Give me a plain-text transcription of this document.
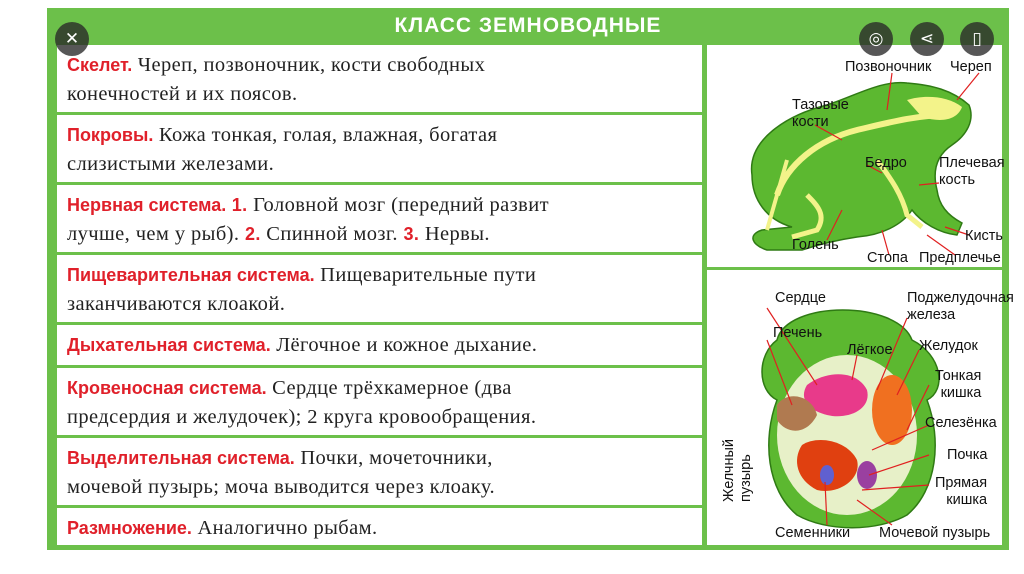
КЛАСС ЗЕМНОВОДНЫЕ
Скелет. Череп, позвоночник, кости свободных
конечностей и их поясов.
Покровы. Кожа тонкая, голая, влажная, богатая
слизистыми железами.
Нервная система. 1. Головной мозг (передний развит
лучше, чем у рыб). 2. Спинной мозг. 3. Нервы.
Пищеварительная система. Пищеварительные пути
заканчиваются клоакой.
Дыхательная система. Лёгочное и кожное дыхание.
Кровеносная система. Сердце трёхкамерное (два
предсердия и желудочек); 2 круга кровообращения.
Выделительная система. Почки, мочеточники,
мочевой пузырь; моча выводится через клоаку.
Размножение. Аналогично рыбам.
Позвоночник Череп
Тазовые
кости
Бедро Плечевая
кость
Кисть
Голень
Стопа Предплечье
Сердце	Поджелудочная
железа
Печень
Лёгкое Желудок
Желчный пузырь
Тонкая
кишка
Селезёнка
Почка
Прямая
кишка
Семенники Мочевой пузырь
✕	◎	⋖	▯
